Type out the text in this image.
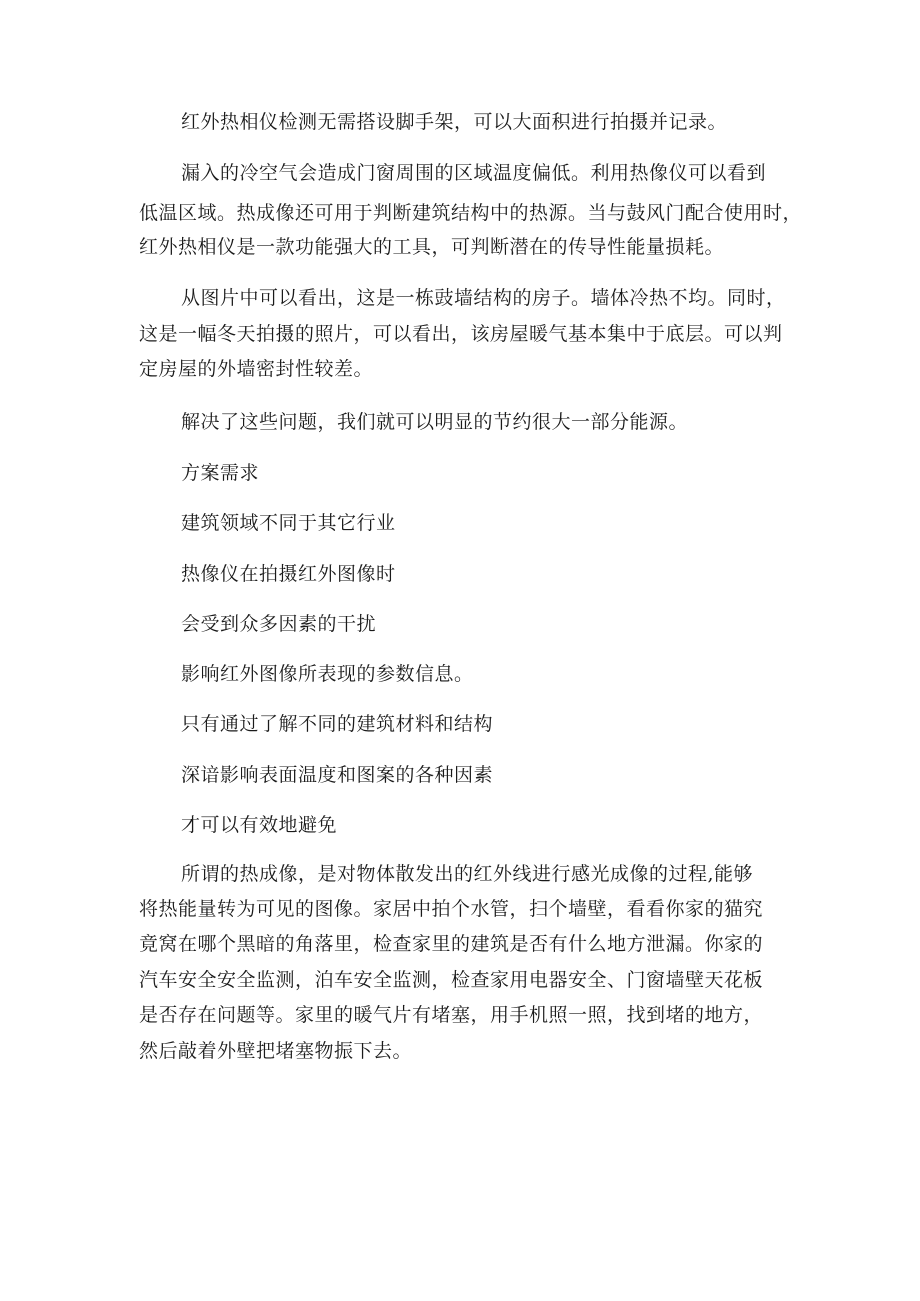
红外热相仪检测无需搭设脚手架，可以大面积进行拍摄并记录。

漏入的冷空气会造成门窗周围的区域温度偏低。利用热像仪可以看到

低温区域。热成像还可用于判断建筑结构中的热源。当与鼓风门配合使用时，

红外热相仪是一款功能强大的工具，可判断潜在的传导性能量损耗。

从图片中可以看出，这是一栋豉墙结构的房子。墙体冷热不均。同时，

这是一幅冬天拍摄的照片，可以看出，该房屋暖气基本集中于底层。可以判

定房屋的外墙密封性较差。

解决了这些问题，我们就可以明显的节约很大一部分能源。

方案需求

建筑领域不同于其它行业

热像仪在拍摄红外图像时

会受到众多因素的干扰

影响红外图像所表现的参数信息。

只有通过了解不同的建筑材料和结构

深谙影响表面温度和图案的各种因素

才可以有效地避免

所谓的热成像，是对物体散发出的红外线进行感光成像的过程,能够

将热能量转为可见的图像。家居中拍个水管，扫个墙壁，看看你家的猫究

竟窝在哪个黑暗的角落里，检查家里的建筑是否有什么地方泄漏。你家的

汽车安全安全监测，泊车安全监测，检查家用电器安全、门窗墙壁天花板

是否存在问题等。家里的暖气片有堵塞，用手机照一照，找到堵的地方，

然后敲着外壁把堵塞物振下去。
